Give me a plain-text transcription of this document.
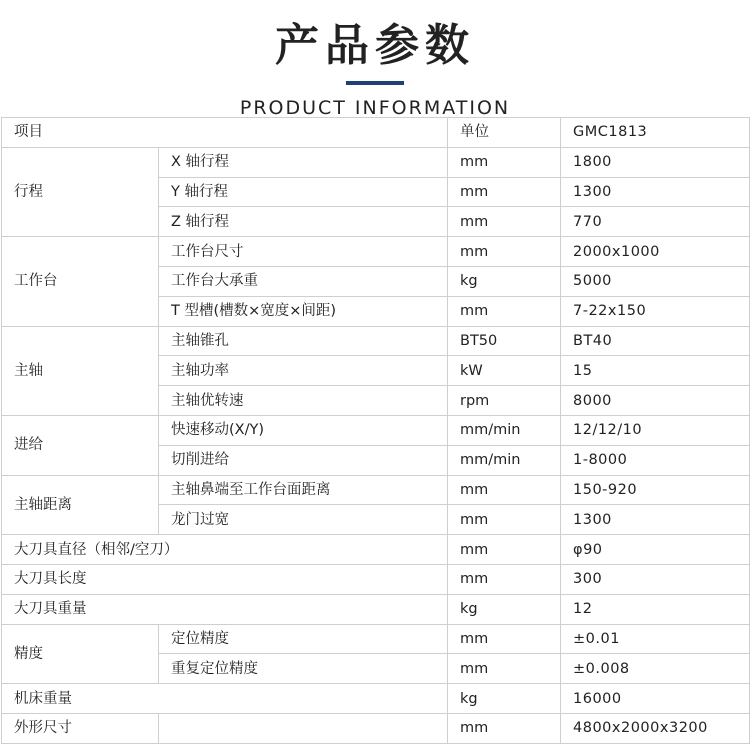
产品参数
PRODUCT INFORMATION
项目		单位	GMC1813
行程	X 轴行程	mm	1800
	Y 轴行程	mm	1300
	Z 轴行程	mm	770
工作台	工作台尺寸	mm	2000x1000
	工作台大承重	kg	5000
	T 型槽(槽数×宽度×间距)	mm	7-22x150
主轴	主轴锥孔	BT50	BT40
	主轴功率	kW	15
	主轴优转速	rpm	8000
进给	快速移动(X/Y)	mm/min	12/12/10
	切削进给	mm/min	1-8000
主轴距离	主轴鼻端至工作台面距离	mm	150-920
	龙门过宽	mm	1300
大刀具直径（相邻/空刀）		mm	φ90
大刀具长度		mm	300
大刀具重量		kg	12
精度	定位精度	mm	±0.01
	重复定位精度	mm	±0.008
机床重量		kg	16000
外形尺寸		mm	4800x2000x3200
